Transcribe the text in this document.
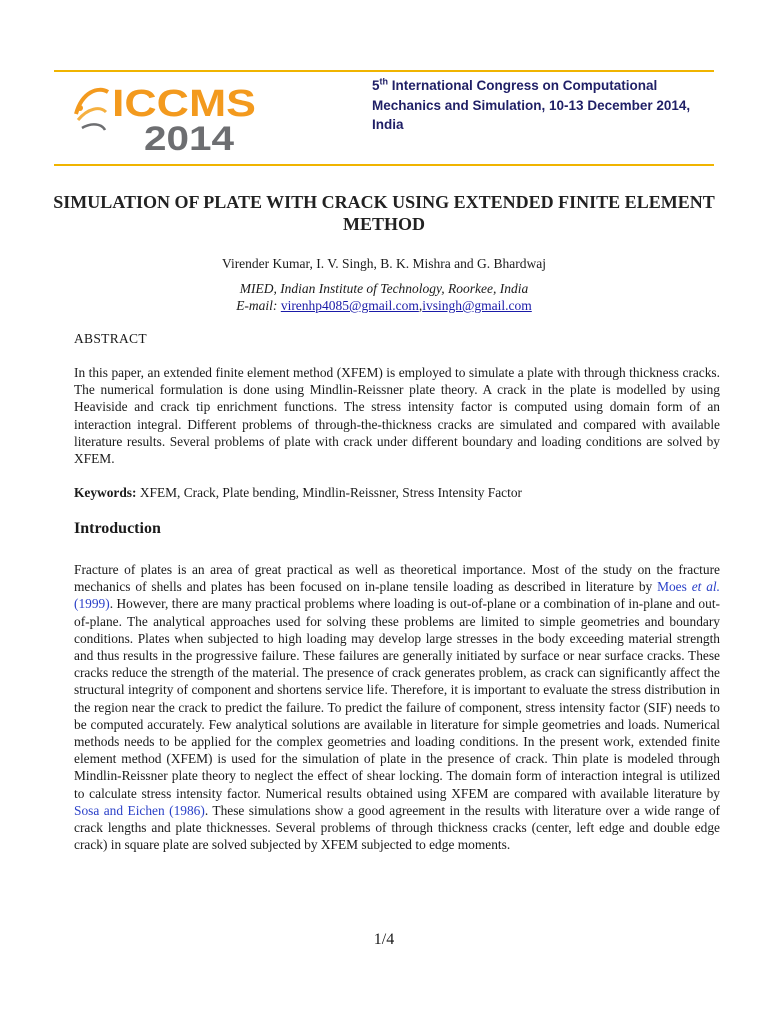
ICCMS
2014
5th International Congress on Computational Mechanics and Simulation, 10-13 December 2014, India
SIMULATION OF PLATE WITH CRACK USING EXTENDED FINITE ELEMENT METHOD
Virender Kumar, I. V. Singh, B. K. Mishra and G. Bhardwaj
MIED, Indian Institute of Technology, Roorkee, India
E-mail: virenhp4085@gmail.com,ivsingh@gmail.com
ABSTRACT
In this paper, an extended finite element method (XFEM) is employed to simulate a plate with through thickness cracks. The numerical formulation is done using Mindlin-Reissner plate theory. A crack in the plate is modelled by using Heaviside and crack tip enrichment functions. The stress intensity factor is computed using domain form of an interaction integral. Different problems of through-the-thickness cracks are simulated and compared with available literature results. Several problems of plate with crack under different boundary and loading conditions are solved by XFEM.
Keywords: XFEM, Crack, Plate bending, Mindlin-Reissner, Stress Intensity Factor
Introduction
Fracture of plates is an area of great practical as well as theoretical importance. Most of the study on the fracture mechanics of shells and plates has been focused on in-plane tensile loading as described in literature by Moes et al. (1999). However, there are many practical problems where loading is out-of-plane or a combination of in-plane and out-of-plane. The analytical approaches used for solving these problems are limited to simple geometries and boundary conditions. Plates when subjected to high loading may develop large stresses in the body exceeding material strength and thus results in the progressive failure. These failures are generally initiated by surface or near surface cracks. These cracks reduce the strength of the material. The presence of crack generates problem, as crack can significantly affect the structural integrity of component and shortens service life. Therefore, it is important to evaluate the stress distribution in the region near the crack to predict the failure. To predict the failure of component, stress intensity factor (SIF) needs to be computed accurately. Few analytical solutions are available in literature for simple geometries and loads. Numerical methods needs to be applied for the complex geometries and loading conditions. In the present work, extended finite element method (XFEM) is used for the simulation of plate in the presence of crack. Thin plate is modeled through Mindlin-Reissner plate theory to neglect the effect of shear locking. The domain form of interaction integral is utilized to calculate stress intensity factor. Numerical results obtained using XFEM are compared with available literature by Sosa and Eichen (1986). These simulations show a good agreement in the results with literature over a wide range of crack lengths and plate thicknesses. Several problems of through thickness cracks (center, left edge and double edge crack) in square plate are solved subjected by XFEM subjected to edge moments.
1/4
